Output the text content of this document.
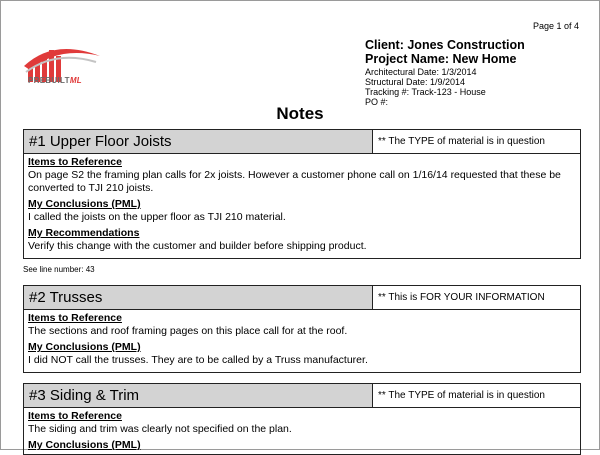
Page 1 of 4
PREBUILTML
Client: Jones Construction
Project Name: New Home
Architectural Date: 1/3/2014
Structural Date: 1/9/2014
Tracking #: Track-123 - House
PO #:
Notes
#1 Upper Floor Joists	** The TYPE of material is in question
Items to Reference
On page S2 the framing plan calls for 2x joists. However a customer phone call on 1/16/14 requested that these be converted to TJI 210 joists.
My Conclusions (PML)
I called the joists on the upper floor as TJI 210 material.
My Recommendations
Verify this change with the customer and builder before shipping product.
See line number: 43
#2 Trusses	** This is FOR YOUR INFORMATION
Items to Reference
The sections and roof framing pages on this place call for at the roof.
My Conclusions (PML)
I did NOT call the trusses. They are to be called by a Truss manufacturer.
#3 Siding & Trim	** The TYPE of material is in question
Items to Reference
The siding and trim was clearly not specified on the plan.
My Conclusions (PML)
